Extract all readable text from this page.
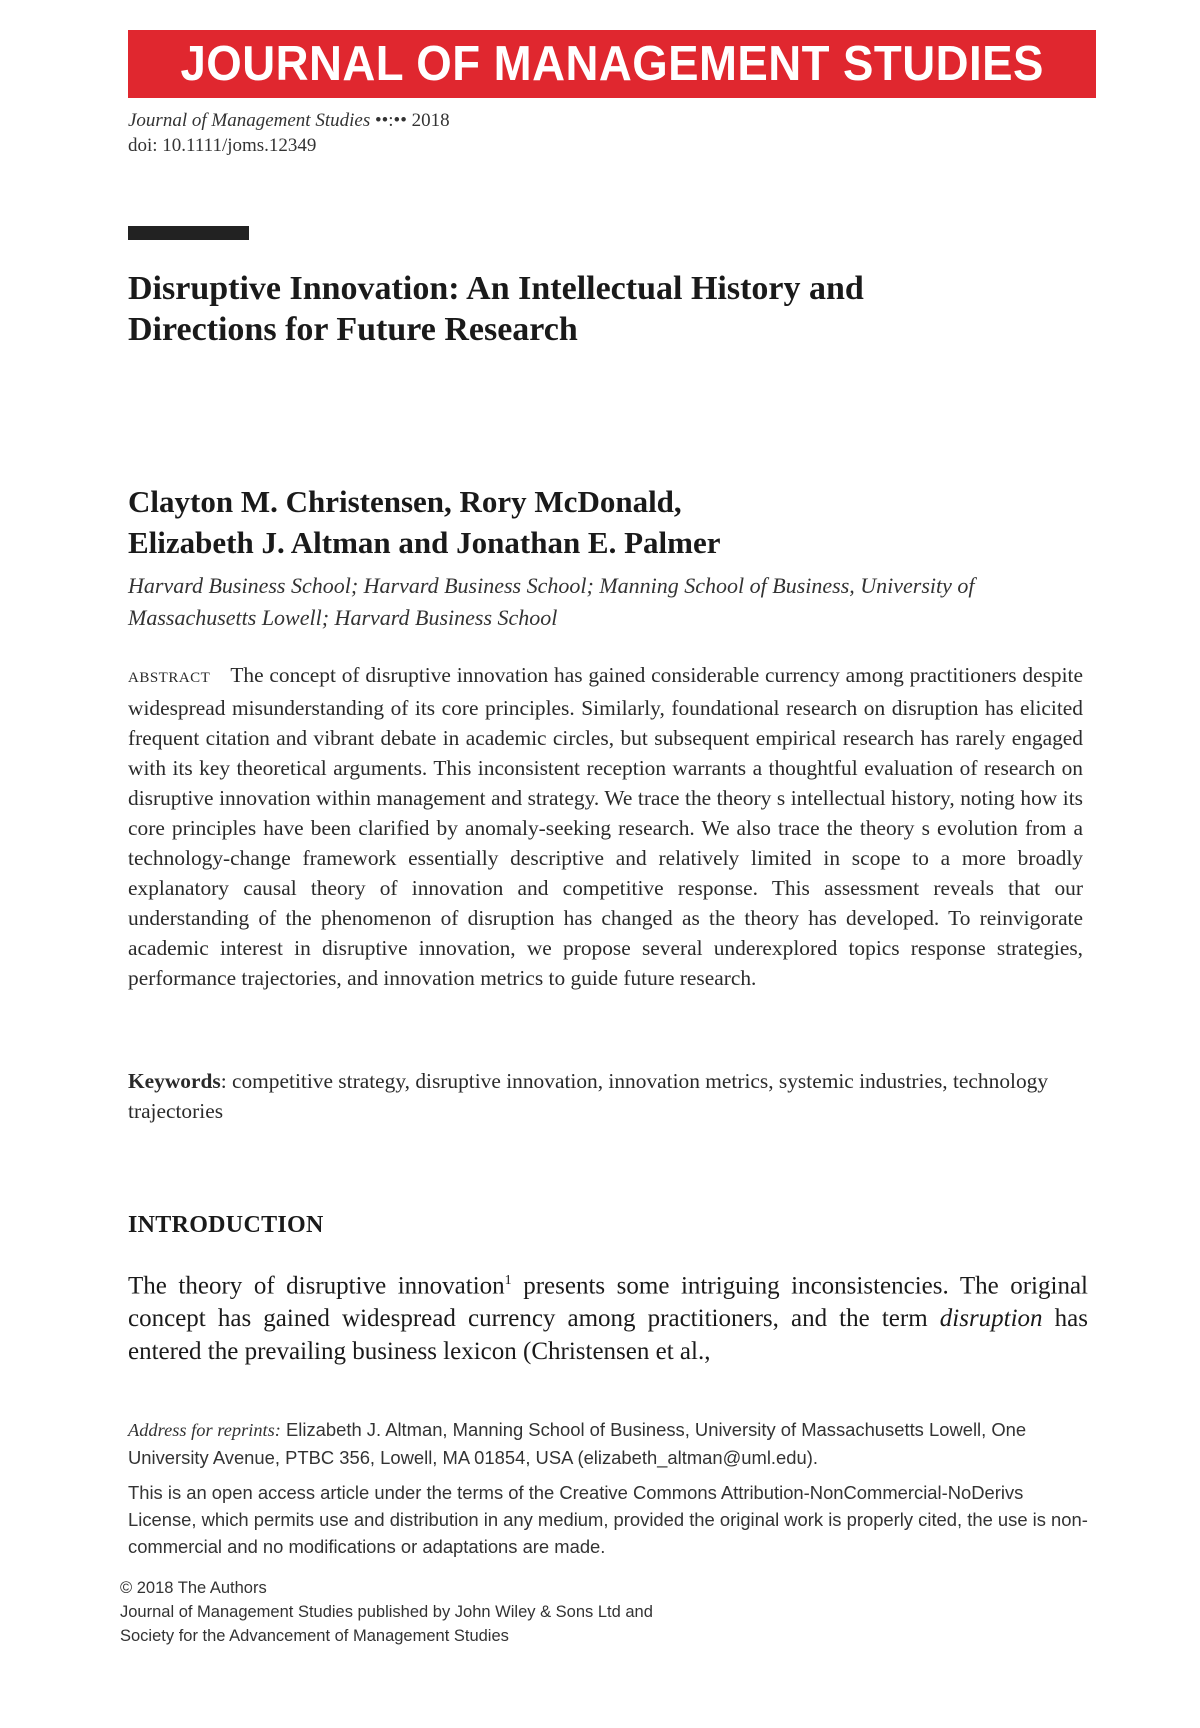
JOURNAL OF MANAGEMENT STUDIES
Journal of Management Studies ••:•• 2018
doi: 10.1111/joms.12349
Disruptive Innovation: An Intellectual History and
Directions for Future Research
Clayton M. Christensen, Rory McDonald,
Elizabeth J. Altman and Jonathan E. Palmer
Harvard Business School; Harvard Business School; Manning School of Business, University of Massachusetts Lowell; Harvard Business School
ABSTRACT The concept of disruptive innovation has gained considerable currency among practitioners despite widespread misunderstanding of its core principles. Similarly, foundational research on disruption has elicited frequent citation and vibrant debate in academic circles, but subsequent empirical research has rarely engaged with its key theoretical arguments. This inconsistent reception warrants a thoughtful evaluation of research on disruptive innovation within management and strategy. We trace the theory s intellectual history, noting how its core principles have been clarified by anomaly-seeking research. We also trace the theory s evolution from a technology-change framework essentially descriptive and relatively limited in scope to a more broadly explanatory causal theory of innovation and competitive response. This assessment reveals that our understanding of the phenomenon of disruption has changed as the theory has developed. To reinvigorate academic interest in disruptive innovation, we propose several underexplored topics response strategies, performance trajectories, and innovation metrics to guide future research.
Keywords: competitive strategy, disruptive innovation, innovation metrics, systemic industries, technology trajectories
INTRODUCTION
The theory of disruptive innovation$^1$ presents some intriguing inconsistencies. The original concept has gained widespread currency among practitioners, and the term disruption has entered the prevailing business lexicon (Christensen et al.,
Address for reprints: Elizabeth J. Altman, Manning School of Business, University of Massachusetts Lowell, One University Avenue, PTBC 356, Lowell, MA 01854, USA (elizabeth_altman@uml.edu).
This is an open access article under the terms of the Creative Commons Attribution-NonCommercial-NoDerivs License, which permits use and distribution in any medium, provided the original work is properly cited, the use is non-commercial and no modifications or adaptations are made.
© 2018 The Authors
Journal of Management Studies published by John Wiley & Sons Ltd and
Society for the Advancement of Management Studies
